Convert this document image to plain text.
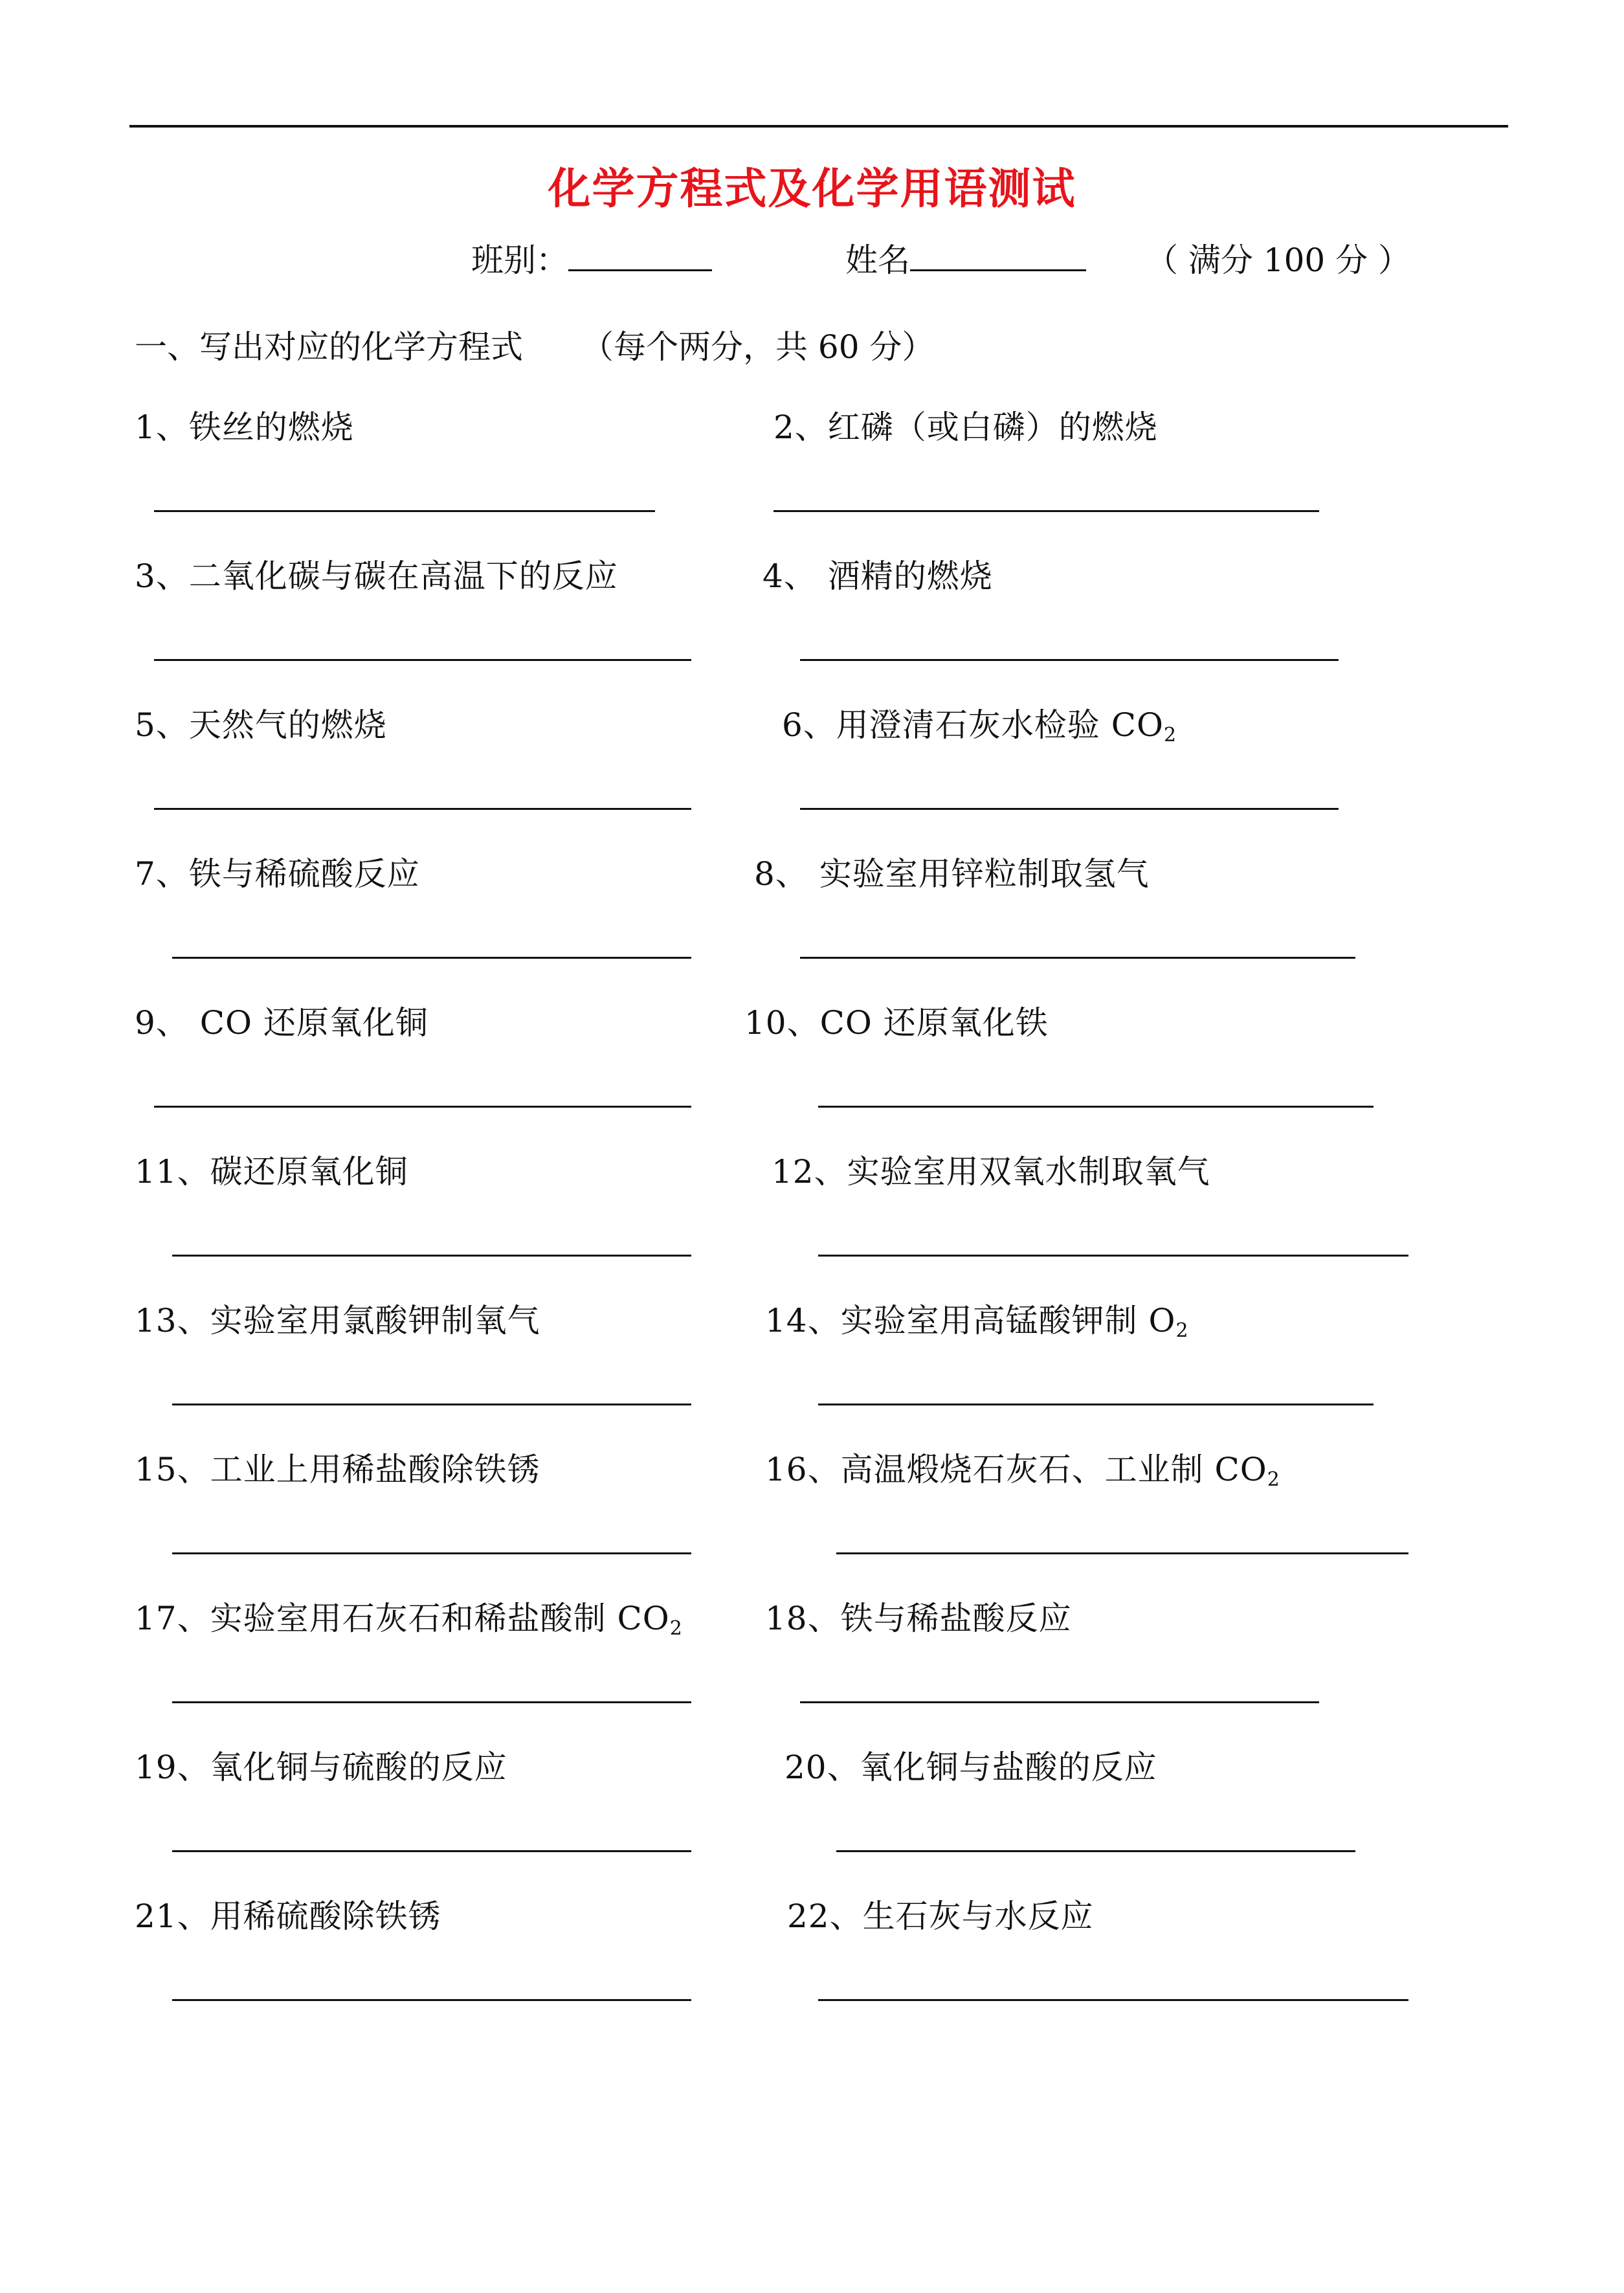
化学方程式及化学用语测试
班别：	姓名	（ 满分 100 分 ）
一、写出对应的化学方程式 （每个两分，共 60 分）
1、铁丝的燃烧	2、红磷（或白磷）的燃烧
3、二氧化碳与碳在高温下的反应	4、 酒精的燃烧
5、天然气的燃烧	6、用澄清石灰水检验 $CO_2$
7、铁与稀硫酸反应	8、 实验室用锌粒制取氢气
9、 CO 还原氧化铜	10、CO 还原氧化铁
11、碳还原氧化铜	12、实验室用双氧水制取氧气
13、实验室用氯酸钾制氧气	14、实验室用高锰酸钾制 $O_2$
15、工业上用稀盐酸除铁锈	16、高温煅烧石灰石、工业制 $CO_2$
17、实验室用石灰石和稀盐酸制 $CO_2$	18、铁与稀盐酸反应
19、氧化铜与硫酸的反应	20、氧化铜与盐酸的反应
21、用稀硫酸除铁锈	22、生石灰与水反应
